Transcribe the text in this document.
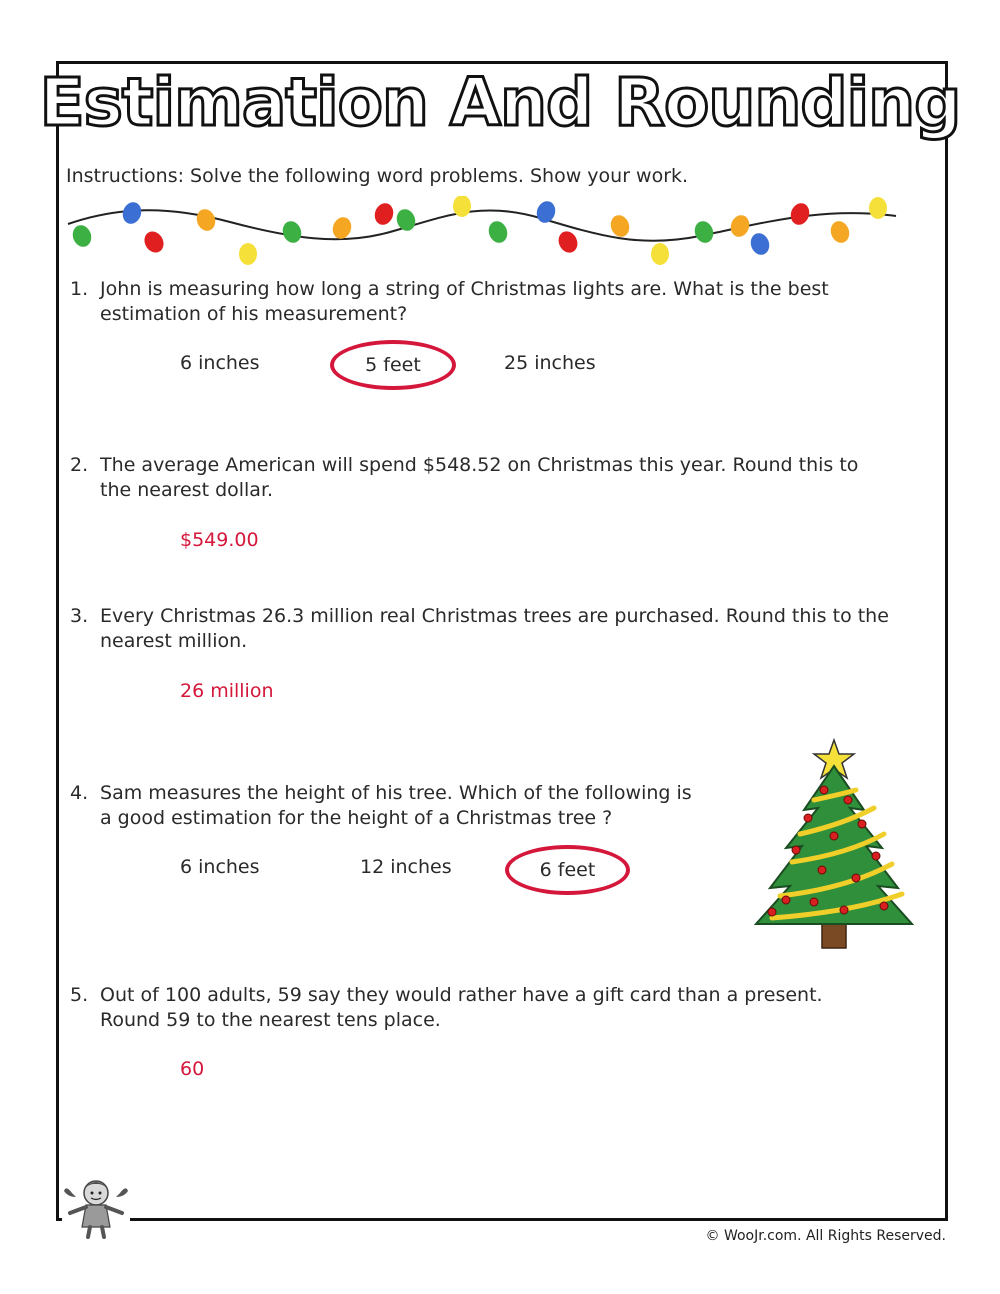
Estimation And Rounding
Instructions: Solve the following word problems. Show your work.
1. John is measuring how long a string of Christmas lights are. What is the best
estimation of his measurement?
6 inches	5 feet	25 inches
2. The average American will spend $548.52 on Christmas this year. Round this to
the nearest dollar.
$549.00
3. Every Christmas 26.3 million real Christmas trees are purchased. Round this to the
nearest million.
26 million
4. Sam measures the height of his tree. Which of the following is
a good estimation for the height of a Christmas tree ?
6 inches	12 inches	6 feet
5. Out of 100 adults, 59 say they would rather have a gift card than a present.
Round 59 to the nearest tens place.
60
© WooJr.com. All Rights Reserved.
